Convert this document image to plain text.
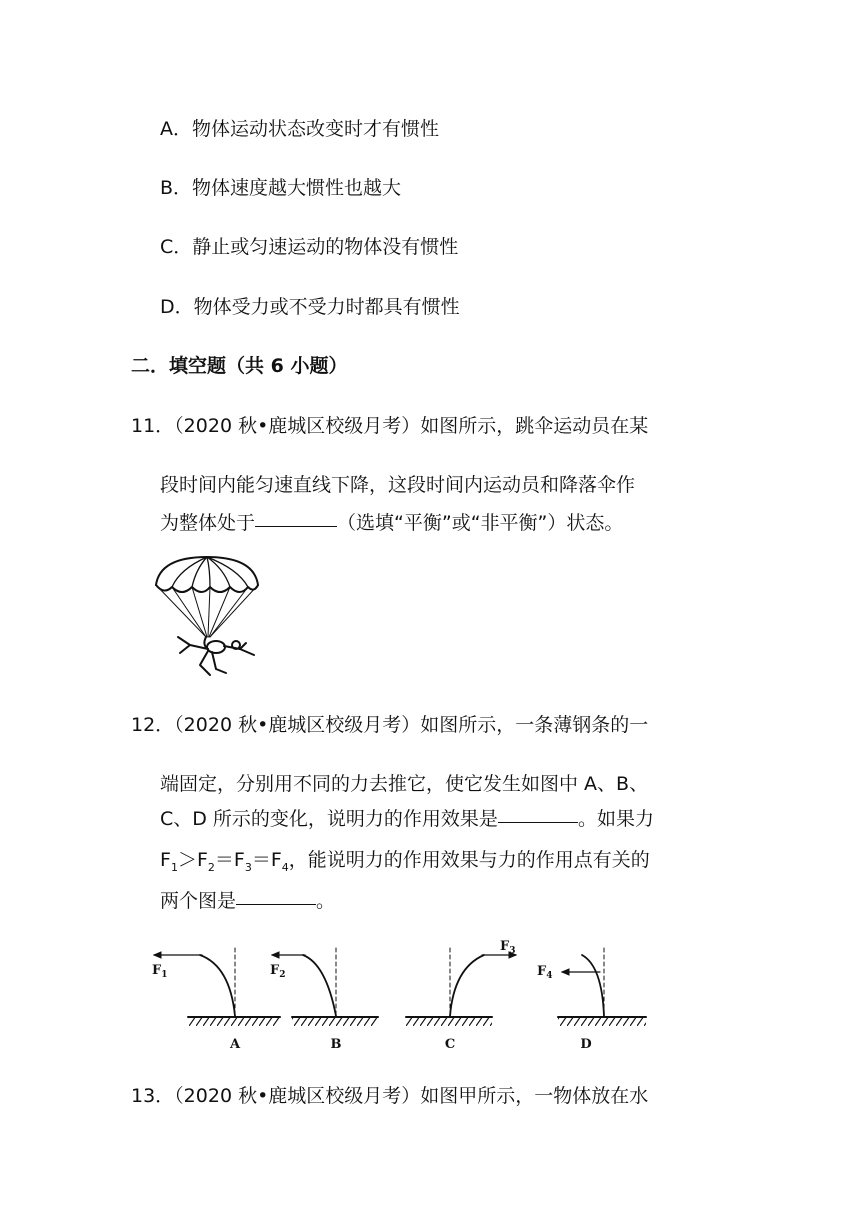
A．物体运动状态改变时才有惯性
B．物体速度越大惯性也越大
C．静止或匀速运动的物体没有惯性
D．物体受力或不受力时都具有惯性
二．填空题（共 6 小题）
11．（2020 秋•鹿城区校级月考）如图所示，跳伞运动员在某
段时间内能匀速直线下降，这段时间内运动员和降落伞作
为整体处于	（选填“平衡”或“非平衡”）状态。
12．（2020 秋•鹿城区校级月考）如图所示，一条薄钢条的一
端固定，分别用不同的力去推它，使它发生如图中 A、B、
C、D 所示的变化，说明力的作用效果是	。如果力
$F_1>F_2=F_3=F_4$，能说明力的作用效果与力的作用点有关的
两个图是	。
$F_1$	$F_2$
$F_3$
$F_4$
A	B	C	D
13．（2020 秋•鹿城区校级月考）如图甲所示，一物体放在水
